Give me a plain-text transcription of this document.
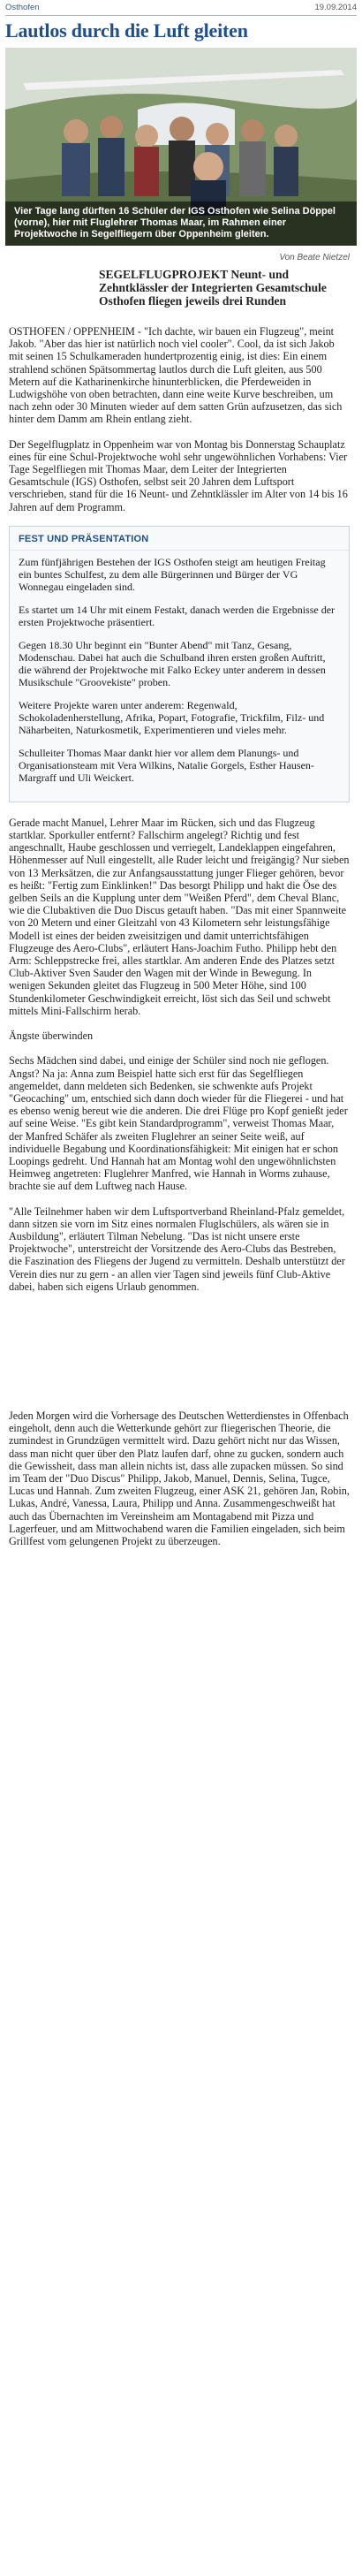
Osthofen	19.09.2014
Lautlos durch die Luft gleiten
Vier Tage lang dürften 16 Schüler der IGS Osthofen wie Selina Döppel (vorne), hier mit Fluglehrer Thomas Maar, im Rahmen einer Projektwoche in Segelfliegern über Oppenheim gleiten.
Von Beate Nietzel
SEGELFLUGPROJEKT Neunt- und Zehntklässler der Integrierten Gesamtschule Osthofen fliegen jeweils drei Runden

OSTHOFEN / OPPENHEIM - "Ich dachte, wir bauen ein Flugzeug", meint Jakob. "Aber das hier ist natürlich noch viel cooler". Cool, da ist sich Jakob mit seinen 15 Schulkameraden hundertprozentig einig, ist dies: Ein einem strahlend schönen Spätsommertag lautlos durch die Luft gleiten, aus 500 Metern auf die Katharinenkirche hinunterblicken, die Pferdeweiden in Ludwigshöhe von oben betrachten, dann eine weite Kurve beschreiben, um nach zehn oder 30 Minuten wieder auf dem satten Grün aufzusetzen, das sich hinter dem Damm am Rhein entlang zieht.

Der Segelflugplatz in Oppenheim war von Montag bis Donnerstag Schauplatz eines für eine Schul-Projektwoche wohl sehr ungewöhnlichen Vorhabens: Vier Tage Segelfliegen mit Thomas Maar, dem Leiter der Integrierten Gesamtschule (IGS) Osthofen, selbst seit 20 Jahren dem Luftsport verschrieben, stand für die 16 Neunt- und Zehntklässler im Alter von 14 bis 16 Jahren auf dem Programm.

FEST UND PRÄSENTATION

Zum fünfjährigen Bestehen der IGS Osthofen steigt am heutigen Freitag ein buntes Schulfest, zu dem alle Bürgerinnen und Bürger der VG Wonnegau eingeladen sind.

Es startet um 14 Uhr mit einem Festakt, danach werden die Ergebnisse der ersten Projektwoche präsentiert.

Gegen 18.30 Uhr beginnt ein "Bunter Abend" mit Tanz, Gesang, Modenschau. Dabei hat auch die Schulband ihren ersten großen Auftritt, die während der Projektwoche mit Falko Eckey unter anderem in dessen Musikschule "Groovekiste" proben.

Weitere Projekte waren unter anderem: Regenwald, Schokoladenherstellung, Afrika, Popart, Fotografie, Trickfilm, Filz- und Näharbeiten, Naturkosmetik, Experimentieren und vieles mehr.

Schulleiter Thomas Maar dankt hier vor allem dem Planungs- und Organisationsteam mit Vera Wilkins, Natalie Gorgels, Esther Hausen-Margraff und Uli Weickert.

Gerade macht Manuel, Lehrer Maar im Rücken, sich und das Flugzeug startklar. Sporkuller entfernt? Fallschirm angelegt? Richtig und fest angeschnallt, Haube geschlossen und verriegelt, Landeklappen eingefahren, Höhenmesser auf Null eingestellt, alle Ruder leicht und freigängig? Nur sieben von 13 Merksätzen, die zur Anfangsausstattung junger Flieger gehören, bevor es heißt: "Fertig zum Einklinken!" Das besorgt Philipp und hakt die Öse des gelben Seils an die Kupplung unter dem "Weißen Pferd", dem Cheval Blanc, wie die Clubaktiven die Duo Discus getauft haben. "Das mit einer Spannweite von 20 Metern und einer Gleitzahl von 43 Kilometern sehr leistungsfähige Modell ist eines der beiden zweisitzigen und damit unterrichtsfähigen Flugzeuge des Aero-Clubs", erläutert Hans-Joachim Futho. Philipp hebt den Arm: Schleppstrecke frei, alles startklar. Am anderen Ende des Platzes setzt Club-Aktiver Sven Sauder den Wagen mit der Winde in Bewegung. In wenigen Sekunden gleitet das Flugzeug in 500 Meter Höhe, sind 100 Stundenkilometer Geschwindigkeit erreicht, löst sich das Seil und schwebt mittels Mini-Fallschirm herab.

Ängste überwinden

Sechs Mädchen sind dabei, und einige der Schüler sind noch nie geflogen. Angst? Na ja: Anna zum Beispiel hatte sich erst für das Segelfliegen angemeldet, dann meldeten sich Bedenken, sie schwenkte aufs Projekt "Geocaching" um, entschied sich dann doch wieder für die Fliegerei - und hat es ebenso wenig bereut wie die anderen. Die drei Flüge pro Kopf genießt jeder auf seine Weise. "Es gibt kein Standardprogramm", verweist Thomas Maar, der Manfred Schäfer als zweiten Fluglehrer an seiner Seite weiß, auf individuelle Begabung und Koordinationsfähigkeit: Mit einigen hat er schon Loopings gedreht. Und Hannah hat am Montag wohl den ungewöhnlichsten Heimweg angetreten: Fluglehrer Manfred, wie Hannah in Worms zuhause, brachte sie auf dem Luftweg nach Hause.

"Alle Teilnehmer haben wir dem Luftsportverband Rheinland-Pfalz gemeldet, dann sitzen sie vorn im Sitz eines normalen Fluglschülers, als wären sie in Ausbildung", erläutert Tilman Nebelung. "Das ist nicht unsere erste Projektwoche", unterstreicht der Vorsitzende des Aero-Clubs das Bestreben, die Faszination des Fliegens der Jugend zu vermitteln. Deshalb unterstützt der Verein dies nur zu gern - an allen vier Tagen sind jeweils fünf Club-Aktive dabei, haben sich eigens Urlaub genommen.

Jeden Morgen wird die Vorhersage des Deutschen Wetterdienstes in Offenbach eingeholt, denn auch die Wetterkunde gehört zur fliegerischen Theorie, die zumindest in Grundzügen vermittelt wird. Dazu gehört nicht nur das Wissen, dass man nicht quer über den Platz laufen darf, ohne zu gucken, sondern auch die Gewissheit, dass man allein nichts ist, dass alle zupacken müssen. So sind im Team der "Duo Discus" Philipp, Jakob, Manuel, Dennis, Selina, Tugce, Lucas und Hannah. Zum zweiten Flugzeug, einer ASK 21, gehören Jan, Robin, Lukas, André, Vanessa, Laura, Philipp und Anna. Zusammengeschweißt hat auch das Übernachten im Vereinsheim am Montagabend mit Pizza und Lagerfeuer, und am Mittwochabend waren die Familien eingeladen, sich beim Grillfest vom gelungenen Projekt zu überzeugen.
